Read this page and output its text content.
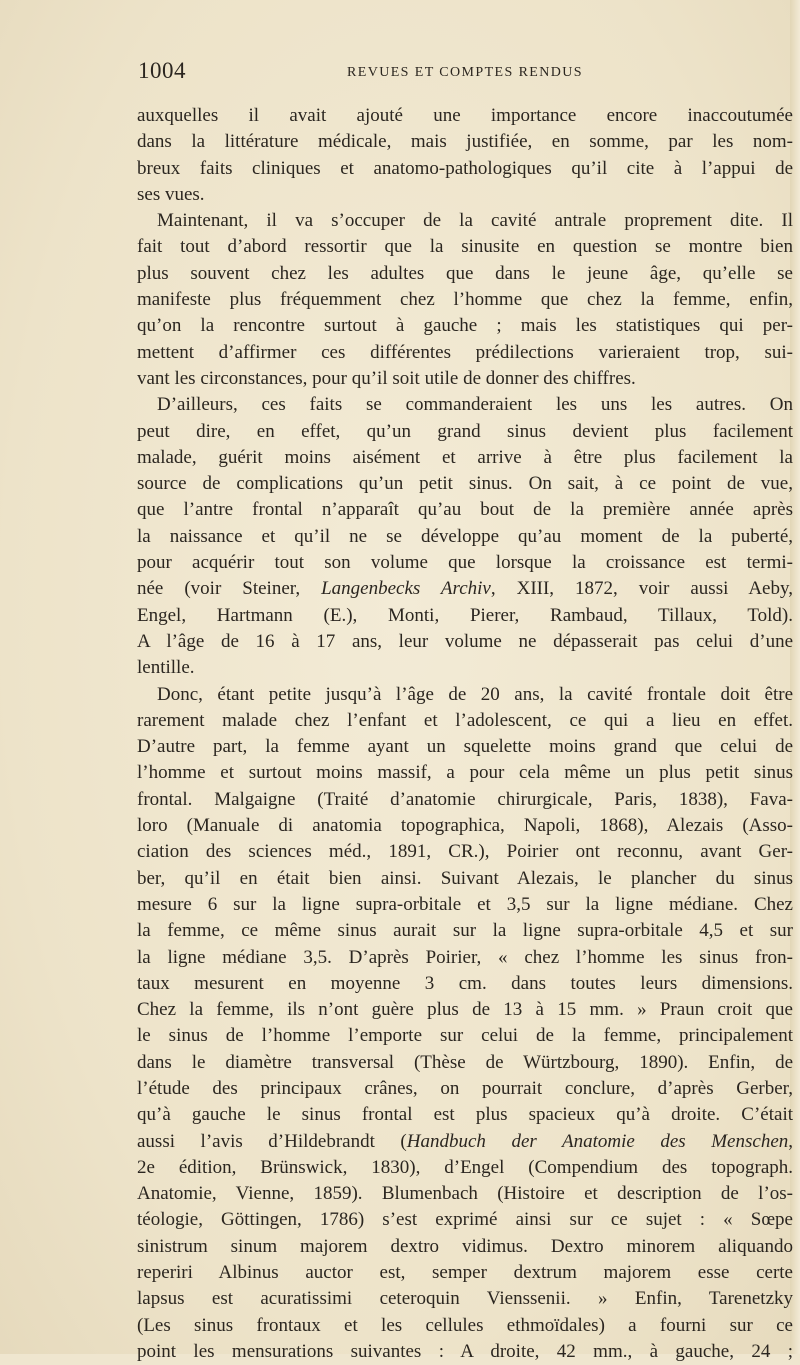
1004	REVUES ET COMPTES RENDUS
auxquelles il avait ajouté une importance encore inaccoutumée
dans la littérature médicale, mais justifiée, en somme, par les nom-
breux faits cliniques et anatomo-pathologiques qu’il cite à l’appui de
ses vues.
Maintenant, il va s’occuper de la cavité antrale proprement dite. Il
fait tout d’abord ressortir que la sinusite en question se montre bien
plus souvent chez les adultes que dans le jeune âge, qu’elle se
manifeste plus fréquemment chez l’homme que chez la femme, enfin,
qu’on la rencontre surtout à gauche ; mais les statistiques qui per-
mettent d’affirmer ces différentes prédilections varieraient trop, sui-
vant les circonstances, pour qu’il soit utile de donner des chiffres.
D’ailleurs, ces faits se commanderaient les uns les autres. On
peut dire, en effet, qu’un grand sinus devient plus facilement
malade, guérit moins aisément et arrive à être plus facilement la
source de complications qu’un petit sinus. On sait, à ce point de vue,
que l’antre frontal n’apparaît qu’au bout de la première année après
la naissance et qu’il ne se développe qu’au moment de la puberté,
pour acquérir tout son volume que lorsque la croissance est termi-
née (voir Steiner, Langenbecks Archiv, XIII, 1872, voir aussi Aeby,
Engel, Hartmann (E.), Monti, Pierer, Rambaud, Tillaux, Told).
A l’âge de 16 à 17 ans, leur volume ne dépasserait pas celui d’une
lentille.
Donc, étant petite jusqu’à l’âge de 20 ans, la cavité frontale doit être
rarement malade chez l’enfant et l’adolescent, ce qui a lieu en effet.
D’autre part, la femme ayant un squelette moins grand que celui de
l’homme et surtout moins massif, a pour cela même un plus petit sinus
frontal. Malgaigne (Traité d’anatomie chirurgicale, Paris, 1838), Fava-
loro (Manuale di anatomia topographica, Napoli, 1868), Alezais (Asso-
ciation des sciences méd., 1891, CR.), Poirier ont reconnu, avant Ger-
ber, qu’il en était bien ainsi. Suivant Alezais, le plancher du sinus
mesure 6 sur la ligne supra-orbitale et 3,5 sur la ligne médiane. Chez
la femme, ce même sinus aurait sur la ligne supra-orbitale 4,5 et sur
la ligne médiane 3,5. D’après Poirier, « chez l’homme les sinus fron-
taux mesurent en moyenne 3 cm. dans toutes leurs dimensions.
Chez la femme, ils n’ont guère plus de 13 à 15 mm. » Praun croit que
le sinus de l’homme l’emporte sur celui de la femme, principalement
dans le diamètre transversal (Thèse de Würtzbourg, 1890). Enfin, de
l’étude des principaux crânes, on pourrait conclure, d’après Gerber,
qu’à gauche le sinus frontal est plus spacieux qu’à droite. C’était
aussi l’avis d’Hildebrandt (Handbuch der Anatomie des Menschen,
2e édition, Brünswick, 1830), d’Engel (Compendium des topograph.
Anatomie, Vienne, 1859). Blumenbach (Histoire et description de l’os-
téologie, Göttingen, 1786) s’est exprimé ainsi sur ce sujet : « Sœpe
sinistrum sinum majorem dextro vidimus. Dextro minorem aliquando
reperiri Albinus auctor est, semper dextrum majorem esse certe
lapsus est acuratissimi ceteroquin Vienssenii. » Enfin, Tarenetzky
(Les sinus frontaux et les cellules ethmoïdales) a fourni sur ce
point les mensurations suivantes : A droite, 42 mm., à gauche, 24 ;
